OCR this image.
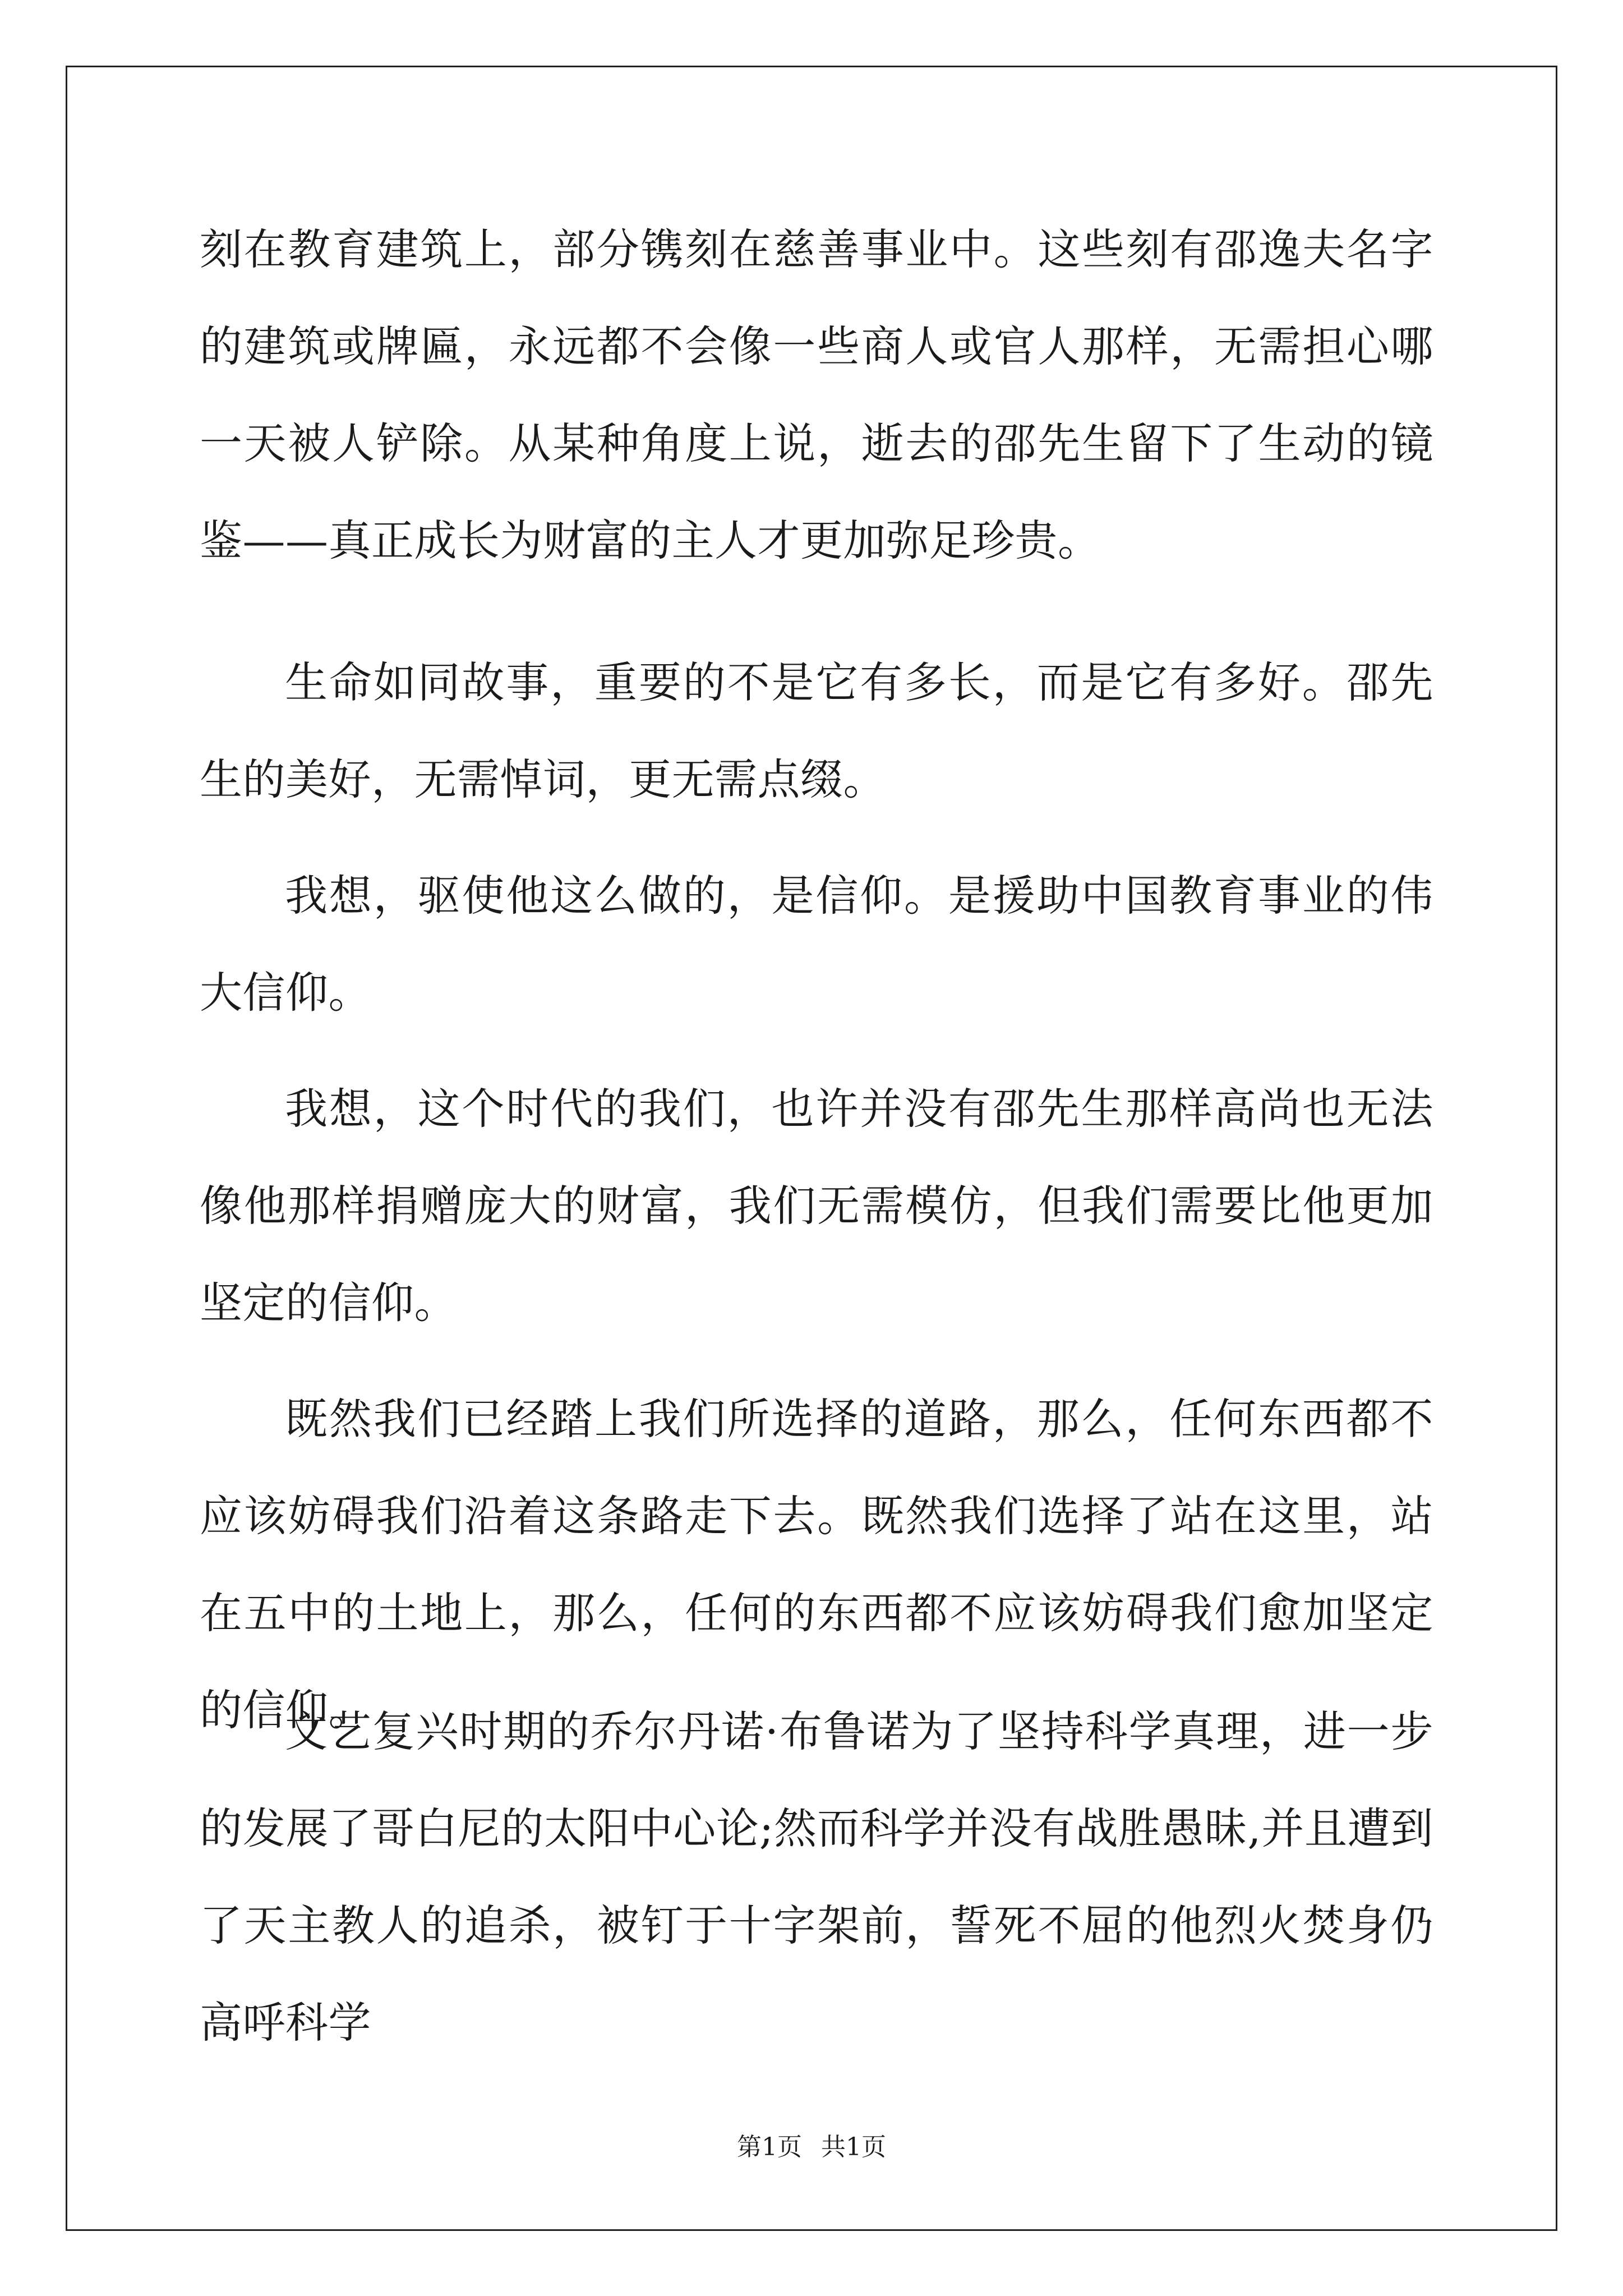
刻在教育建筑上，部分镌刻在慈善事业中。这些刻有邵逸夫名字的建筑或牌匾，永远都不会像一些商人或官人那样，无需担心哪一天被人铲除。从某种角度上说，逝去的邵先生留下了生动的镜鉴——真正成长为财富的主人才更加弥足珍贵。

生命如同故事，重要的不是它有多长，而是它有多好。邵先生的美好，无需悼词，更无需点缀。

我想，驱使他这么做的，是信仰。是援助中国教育事业的伟大信仰。

我想，这个时代的我们，也许并没有邵先生那样高尚也无法像他那样捐赠庞大的财富，我们无需模仿，但我们需要比他更加坚定的信仰。

既然我们已经踏上我们所选择的道路，那么，任何东西都不应该妨碍我们沿着这条路走下去。既然我们选择了站在这里，站在五中的土地上，那么，任何的东西都不应该妨碍我们愈加坚定的信仰。

文艺复兴时期的乔尔丹诺·布鲁诺为了坚持科学真理，进一步的发展了哥白尼的太阳中心论;然而科学并没有战胜愚昧,并且遭到了天主教人的追杀，被钉于十字架前，誓死不屈的他烈火焚身仍高呼科学

第1页 共1页
